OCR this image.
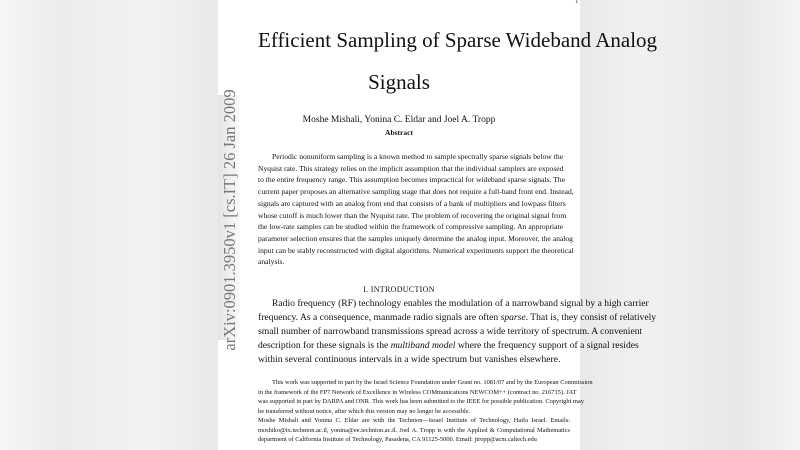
1
Efficient Sampling of Sparse Wideband Analog
Signals
Moshe Mishali, Yonina C. Eldar and Joel A. Tropp
Abstract
Periodic nonuniform sampling is a known method to sample spectrally sparse signals below the
Nyquist rate. This strategy relies on the implicit assumption that the individual samplers are exposed
to the entire frequency range. This assumption becomes impractical for wideband sparse signals. The
current paper proposes an alternative sampling stage that does not require a full-band front end. Instead,
signals are captured with an analog front end that consists of a bank of multipliers and lowpass filters
whose cutoff is much lower than the Nyquist rate. The problem of recovering the original signal from
the low-rate samples can be studied within the framework of compressive sampling. An appropriate
parameter selection ensures that the samples uniquely determine the analog input. Moreover, the analog
input can be stably reconstructed with digital algorithms. Numerical experiments support the theoretical
analysis.
I. INTRODUCTION
Radio frequency (RF) technology enables the modulation of a narrowband signal by a high carrier
frequency. As a consequence, manmade radio signals are often sparse. That is, they consist of relatively
small number of narrowband transmissions spread across a wide territory of spectrum. A convenient
description for these signals is the multiband model where the frequency support of a signal resides
within several continuous intervals in a wide spectrum but vanishes elsewhere.
This work was supported in part by the Israel Science Foundation under Grant no. 1081/07 and by the European Commission
in the framework of the FP7 Network of Excellence in Wireless COMmunications NEWCOM++ (contract no. 216715). JAT
was supported in part by DARPA and ONR. This work has been submitted to the IEEE for possible publication. Copyright may
be transferred without notice, after which this version may no longer be accessible.
Moshe Mishali and Yonina C. Eldar are with the Technion—Israel Institute of Technology, Haifa Israel. Emails:
moshiko@tx.technion.ac.il, yonina@ee.technion.ac.il. Joel A. Tropp is with the Applied & Computational Mathematics
department of California Institute of Technology, Pasadena, CA 91125-5000. Email: jtropp@acm.caltech.edu
arXiv:0901.3950v1 [cs.IT] 26 Jan 2009
